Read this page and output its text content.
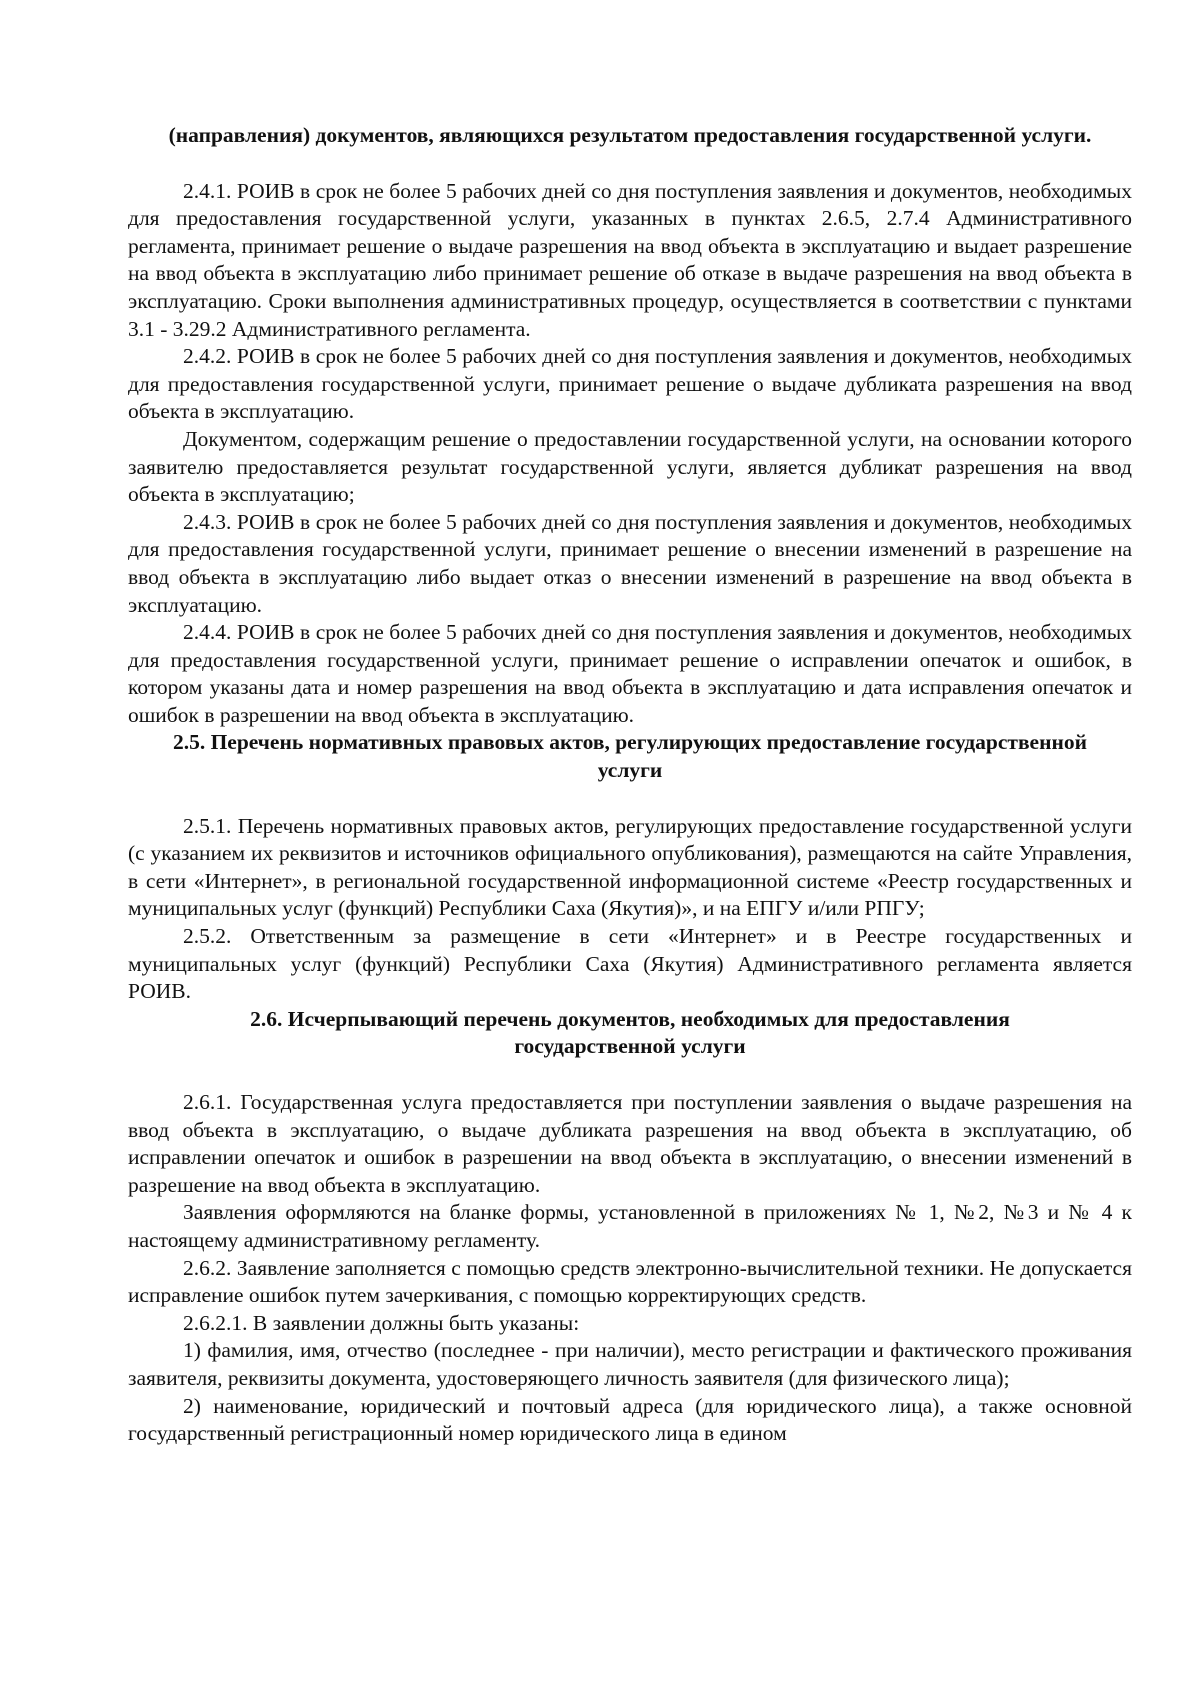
(направления) документов, являющихся результатом предоставления государственной услуги.

2.4.1. РОИВ в срок не более 5 рабочих дней со дня поступления заявления и документов, необходимых для предоставления государственной услуги, указанных в пунктах 2.6.5, 2.7.4 Административного регламента, принимает решение о выдаче разрешения на ввод объекта в эксплуатацию и выдает разрешение на ввод объекта в эксплуатацию либо принимает решение об отказе в выдаче разрешения на ввод объекта в эксплуатацию. Сроки выполнения административных процедур, осуществляется в соответствии с пунктами 3.1 - 3.29.2 Административного регламента.

2.4.2. РОИВ в срок не более 5 рабочих дней со дня поступления заявления и документов, необходимых для предоставления государственной услуги, принимает решение о выдаче дубликата разрешения на ввод объекта в эксплуатацию.

Документом, содержащим решение о предоставлении государственной услуги, на основании которого заявителю предоставляется результат государственной услуги, является дубликат разрешения на ввод объекта в эксплуатацию;

2.4.3. РОИВ в срок не более 5 рабочих дней со дня поступления заявления и документов, необходимых для предоставления государственной услуги, принимает решение о внесении изменений в разрешение на ввод объекта в эксплуатацию либо выдает отказ о внесении изменений в разрешение на ввод объекта в эксплуатацию.

2.4.4. РОИВ в срок не более 5 рабочих дней со дня поступления заявления и документов, необходимых для предоставления государственной услуги, принимает решение о исправлении опечаток и ошибок, в котором указаны дата и номер разрешения на ввод объекта в эксплуатацию и дата исправления опечаток и ошибок в разрешении на ввод объекта в эксплуатацию.

2.5. Перечень нормативных правовых актов, регулирующих предоставление государственной услуги

2.5.1. Перечень нормативных правовых актов, регулирующих предоставление государственной услуги (с указанием их реквизитов и источников официального опубликования), размещаются на сайте Управления, в сети «Интернет», в региональной государственной информационной системе «Реестр государственных и муниципальных услуг (функций) Республики Саха (Якутия)», и на ЕПГУ и/или РПГУ;

2.5.2. Ответственным за размещение в сети «Интернет» и в Реестре государственных и муниципальных услуг (функций) Республики Саха (Якутия) Административного регламента является РОИВ.

2.6. Исчерпывающий перечень документов, необходимых для предоставления государственной услуги

2.6.1. Государственная услуга предоставляется при поступлении заявления о выдаче разрешения на ввод объекта в эксплуатацию, о выдаче дубликата разрешения на ввод объекта в эксплуатацию, об исправлении опечаток и ошибок в разрешении на ввод объекта в эксплуатацию, о внесении изменений в разрешение на ввод объекта в эксплуатацию.

Заявления оформляются на бланке формы, установленной в приложениях № 1, №2, №3 и № 4 к настоящему административному регламенту.

2.6.2. Заявление заполняется с помощью средств электронно-вычислительной техники. Не допускается исправление ошибок путем зачеркивания, с помощью корректирующих средств.

2.6.2.1. В заявлении должны быть указаны:

1) фамилия, имя, отчество (последнее - при наличии), место регистрации и фактического проживания заявителя, реквизиты документа, удостоверяющего личность заявителя (для физического лица);

2) наименование, юридический и почтовый адреса (для юридического лица), а также основной государственный регистрационный номер юридического лица в едином
